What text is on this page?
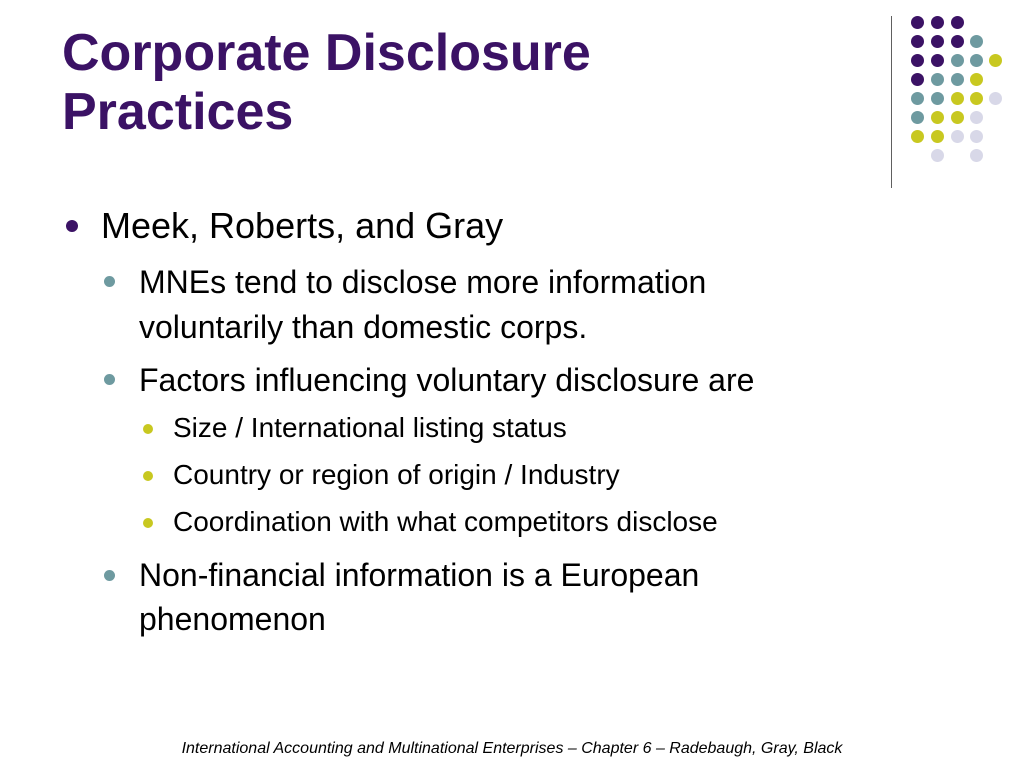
Corporate Disclosure
Practices
Meek, Roberts, and Gray
MNEs tend to disclose more information
voluntarily than domestic corps.
Factors influencing voluntary disclosure are
Size / International listing status
Country or region of origin / Industry
Coordination with what competitors disclose
Non-financial information is a European
phenomenon
International Accounting and Multinational Enterprises – Chapter 6 – Radebaugh, Gray, Black
